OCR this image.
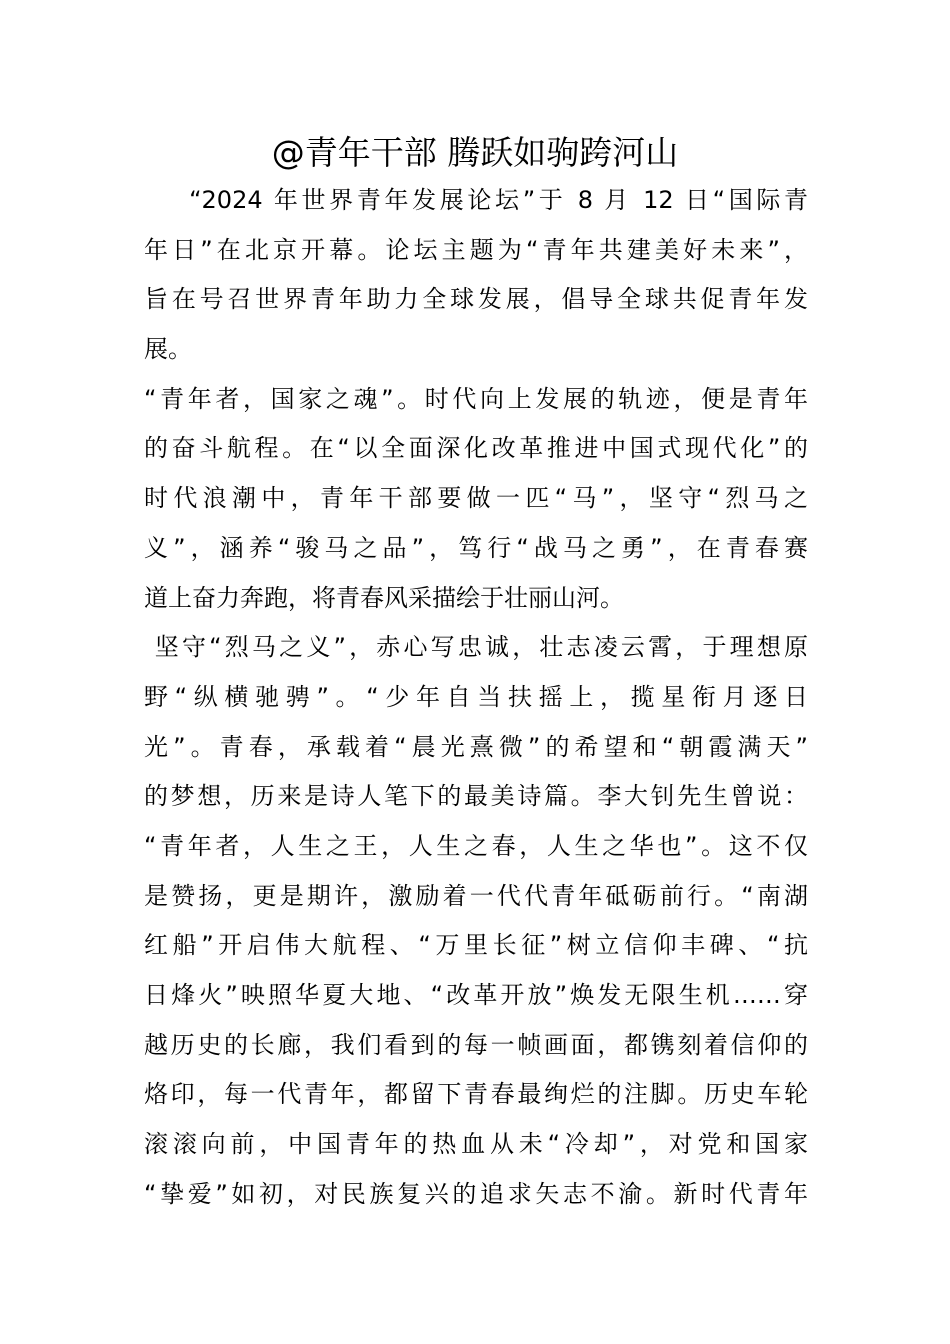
@青年干部 腾跃如驹跨河山
“2024 年世界青年发展论坛”于 8 月 12 日“国际青
年日”在北京开幕。论坛主题为“青年共建美好未来”，
旨在号召世界青年助力全球发展，倡导全球共促青年发
展。
“青年者，国家之魂”。时代向上发展的轨迹，便是青年
的奋斗航程。在“以全面深化改革推进中国式现代化”的
时代浪潮中，青年干部要做一匹“马”，坚守“烈马之
义”，涵养“骏马之品”，笃行“战马之勇”，在青春赛
道上奋力奔跑，将青春风采描绘于壮丽山河。
坚守“烈马之义”，赤心写忠诚，壮志凌云霄，于理想原
野“纵横驰骋”。“少年自当扶摇上，揽星衔月逐日
光”。青春，承载着“晨光熹微”的希望和“朝霞满天”
的梦想，历来是诗人笔下的最美诗篇。李大钊先生曾说：
“青年者，人生之王，人生之春，人生之华也”。这不仅
是赞扬，更是期许，激励着一代代青年砥砺前行。“南湖
红船”开启伟大航程、“万里长征”树立信仰丰碑、“抗
日烽火”映照华夏大地、“改革开放”焕发无限生机……穿
越历史的长廊，我们看到的每一帧画面，都镌刻着信仰的
烙印，每一代青年，都留下青春最绚烂的注脚。历史车轮
滚滚向前，中国青年的热血从未“冷却”，对党和国家
“挚爱”如初，对民族复兴的追求矢志不渝。新时代青年
